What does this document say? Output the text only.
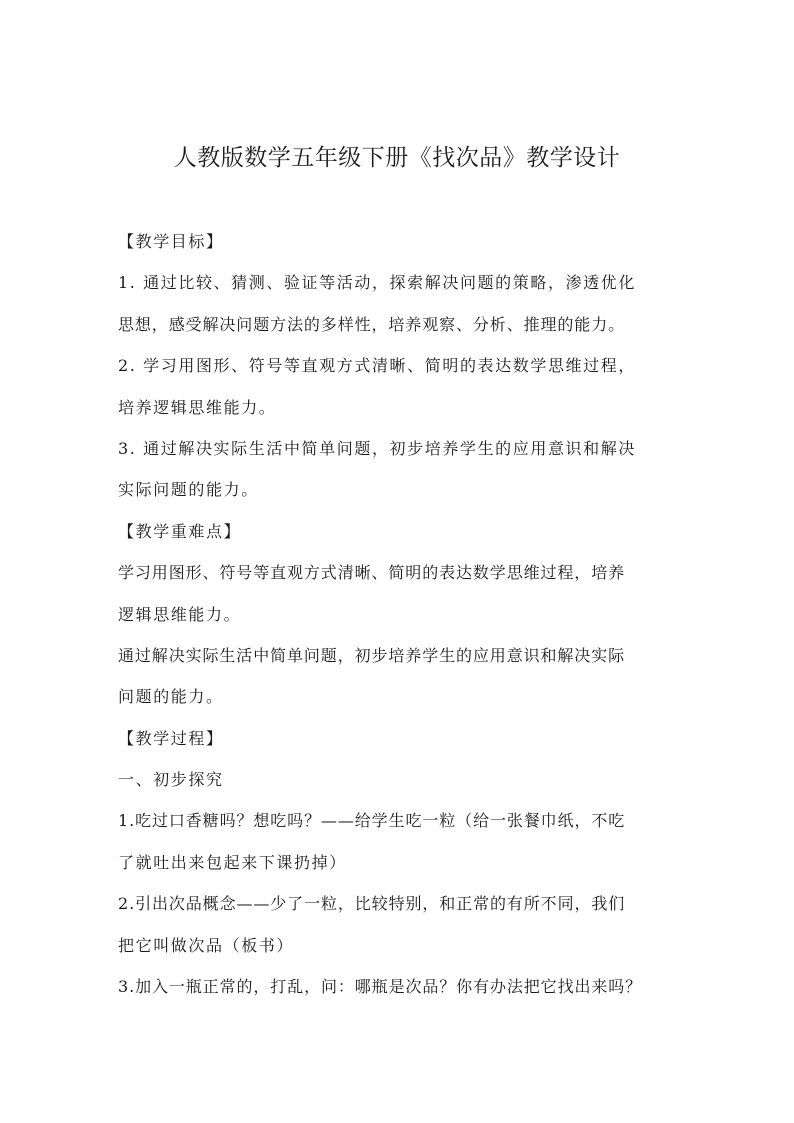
人教版数学五年级下册《找次品》教学设计
【教学目标】
1. 通过比较、猜测、验证等活动，探索解决问题的策略，渗透优化
思想，感受解决问题方法的多样性，培养观察、分析、推理的能力。
2. 学习用图形、符号等直观方式清晰、简明的表达数学思维过程，
培养逻辑思维能力。
3. 通过解决实际生活中简单问题，初步培养学生的应用意识和解决
实际问题的能力。
【教学重难点】
学习用图形、符号等直观方式清晰、简明的表达数学思维过程，培养
逻辑思维能力。
通过解决实际生活中简单问题，初步培养学生的应用意识和解决实际
问题的能力。
【教学过程】
一、初步探究
1.吃过口香糖吗？想吃吗？——给学生吃一粒（给一张餐巾纸，不吃
了就吐出来包起来下课扔掉）
2.引出次品概念——少了一粒，比较特别，和正常的有所不同，我们
把它叫做次品（板书）
3.加入一瓶正常的，打乱，问：哪瓶是次品？你有办法把它找出来吗？
